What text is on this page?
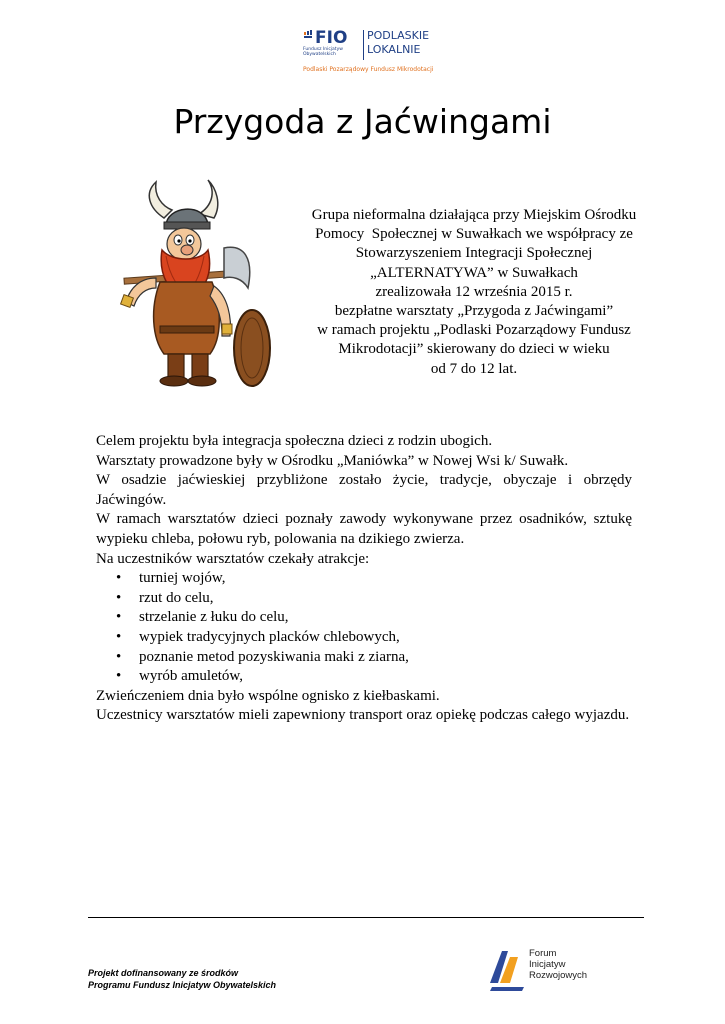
FIO
Fundusz Inicjatyw Obywatelskich
PODLASKIE
LOKALNIE
Podlaski Pozarządowy Fundusz Mikrodotacji
Przygoda z Jaćwingami
Grupa nieformalna działająca przy Miejskim Ośrodku
Pomocy  Społecznej w Suwałkach we współpracy ze
Stowarzyszeniem Integracji Społecznej
„ALTERNATYWA” w Suwałkach
zrealizowała 12 września 2015 r.
bezpłatne warsztaty „Przygoda z Jaćwingami”
w ramach projektu „Podlaski Pozarządowy Fundusz
Mikrodotacji” skierowany do dzieci w wieku
od 7 do 12 lat.

Celem projektu była integracja społeczna dzieci z rodzin ubogich.

Warsztaty prowadzone były w Ośrodku „Maniówka” w Nowej Wsi k/ Suwałk.

W osadzie jaćwieskiej przybliżone zostało życie, tradycje, obyczaje i obrzędy Jaćwingów.

W ramach warsztatów dzieci poznały zawody wykonywane przez osadników, sztukę wypieku chleba, połowu ryb, polowania na dzikiego zwierza.

Na uczestników warsztatów czekały atrakcje:

• turniej wojów,
• rzut do celu,
• strzelanie z łuku do celu,
• wypiek tradycyjnych placków chlebowych,
• poznanie metod pozyskiwania maki z ziarna,
• wyrób amuletów,

Zwieńczeniem dnia było wspólne ognisko z kiełbaskami.

Uczestnicy warsztatów mieli zapewniony transport oraz opiekę podczas całego wyjazdu.

Projekt dofinansowany ze środków
Programu Fundusz Inicjatyw Obywatelskich
Forum
Inicjatyw
Rozwojowych
